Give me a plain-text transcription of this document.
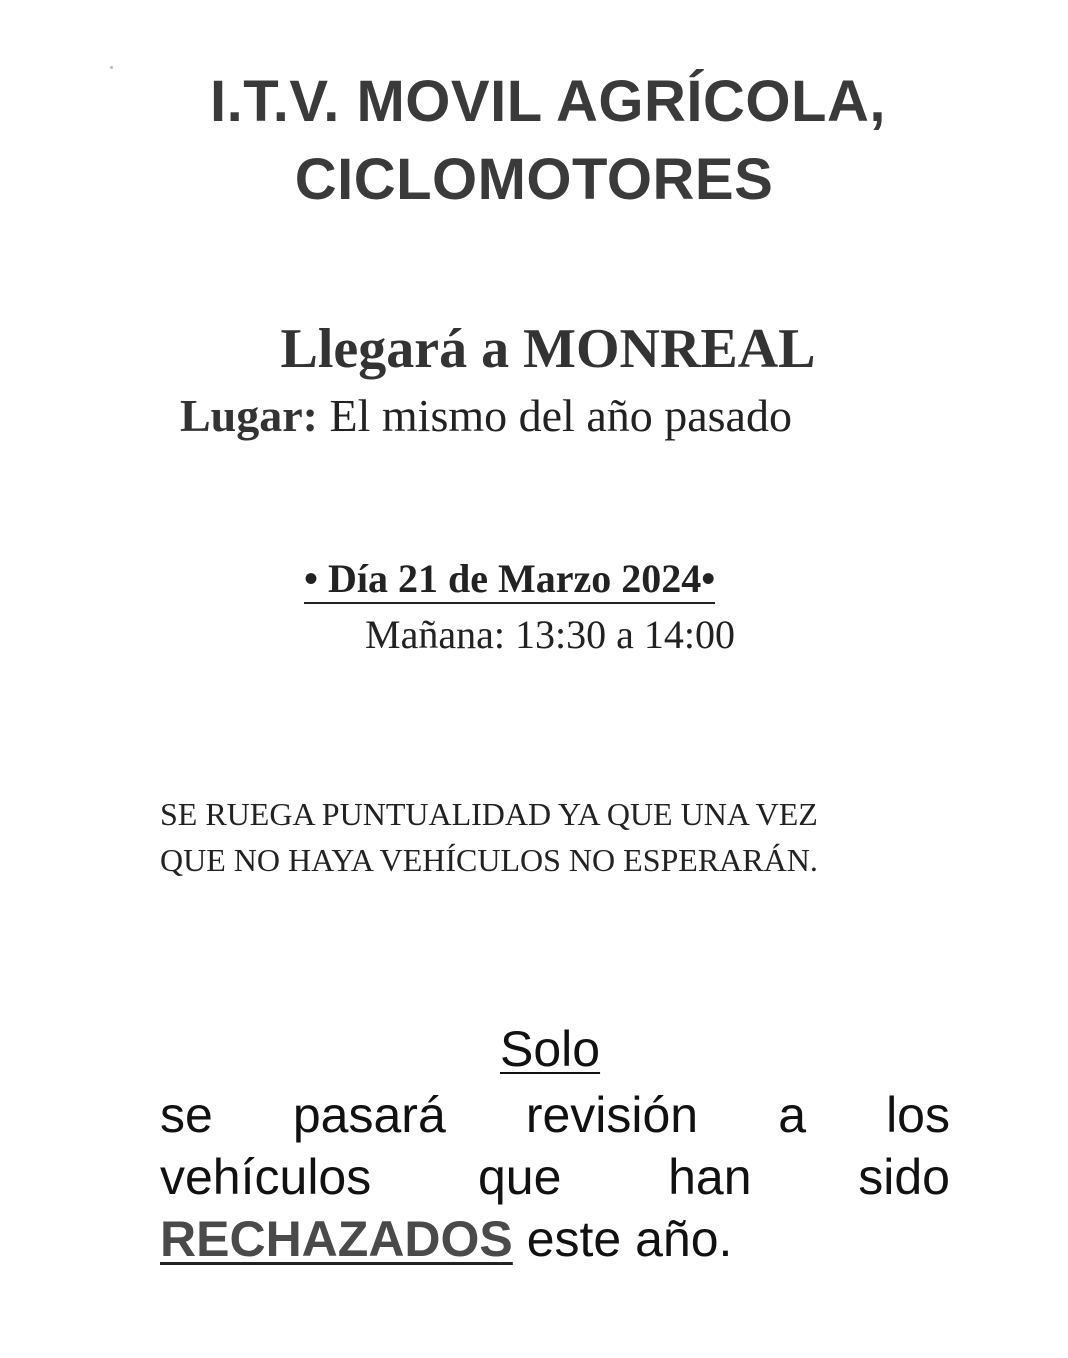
I.T.V. MOVIL AGRÍCOLA,
CICLOMOTORES
Llegará a MONREAL
Lugar: El mismo del año pasado
• Día 21 de Marzo 2024•
Mañana: 13:30 a 14:00
SE RUEGA PUNTUALIDAD YA QUE UNA VEZ
QUE NO HAYA VEHÍCULOS NO ESPERARÁN.
Solo
se pasará revisión a los
vehículos que han sido
RECHAZADOS este año.
